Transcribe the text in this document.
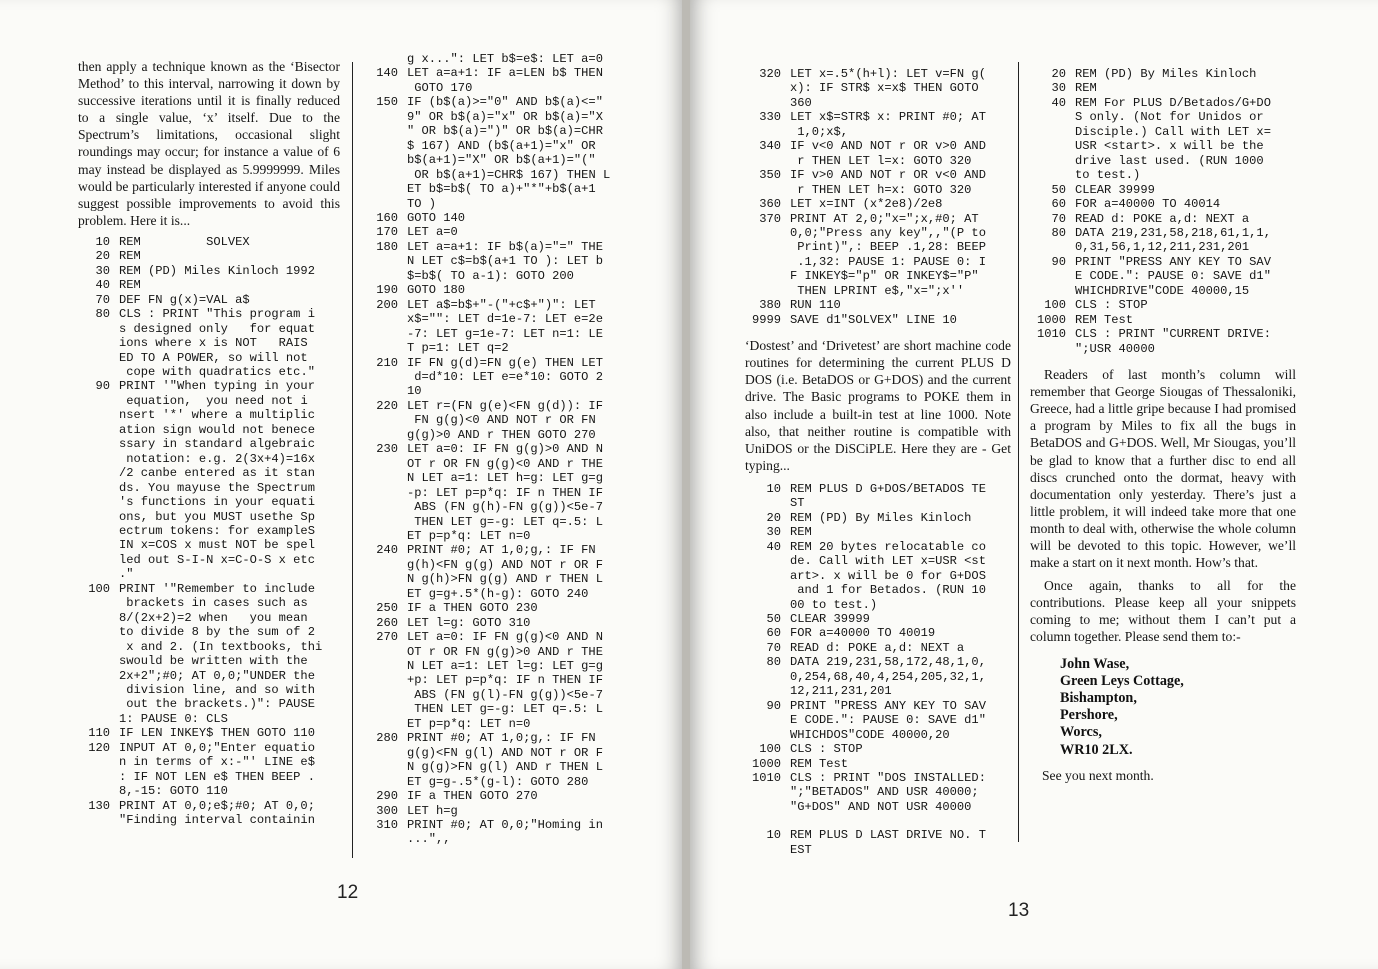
then apply a technique known as the ‘Bisector Method’ to this interval, narrowing it down by successive iterations until it is finally reduced to a single value, ‘x’ itself. Due to the Spectrum’s limitations, occasional slight roundings may occur; for instance a value of 6 may instead be displayed as 5.9999999. Miles would be particularly interested if anyone could suggest possible improvements to avoid this problem. Here it is...

10 REM         SOLVEX
20 REM
30 REM (PD) Miles Kinloch 1992
40 REM
70 DEF FN g(x)=VAL a$
80 CLS : PRINT "This program i
s designed only   for equat
ions where x is NOT   RAIS
ED TO A POWER, so will not
cope with quadratics etc."
90 PRINT '"When typing in your
equation,  you need not i
nsert '*' where a multiplic
ation sign would not benece
ssary in standard algebraic
notation: e.g. 2(3x+4)=16x
/2 canbe entered as it stan
ds. You mayuse the Spectrum
's functions in your equati
ons, but you MUST usethe Sp
ectrum tokens: for exampleS
IN x=COS x must NOT be spel
led out S-I-N x=C-O-S x etc
."
100 PRINT '"Remember to include
brackets in cases such as
8/(2x+2)=2 when   you mean
to divide 8 by the sum of 2
x and 2. (In textbooks, thi
swould be written with the
2x+2";#0; AT 0,0;"UNDER the
division line, and so with
out the brackets.)": PAUSE
1: PAUSE 0: CLS
110 IF LEN INKEY$ THEN GOTO 110
120 INPUT AT 0,0;"Enter equatio
n in terms of x:-"' LINE e$
: IF NOT LEN e$ THEN BEEP .
8,-15: GOTO 110
130 PRINT AT 0,0;e$;#0; AT 0,0;
"Finding interval containin
g x...": LET b$=e$: LET a=0
140 LET a=a+1: IF a=LEN b$ THEN
GOTO 170
150 IF (b$(a)>="0" AND b$(a)<="
9" OR b$(a)="x" OR b$(a)="X
" OR b$(a)=")" OR b$(a)=CHR
$ 167) AND (b$(a+1)="x" OR
b$(a+1)="X" OR b$(a+1)="("
OR b$(a+1)=CHR$ 167) THEN L
ET b$=b$( TO a)+"*"+b$(a+1
TO )
160 GOTO 140
170 LET a=0
180 LET a=a+1: IF b$(a)="=" THE
N LET c$=b$(a+1 TO ): LET b
$=b$( TO a-1): GOTO 200
190 GOTO 180
200 LET a$=b$+"-("+c$+")": LET
x$="": LET d=1e-7: LET e=2e
-7: LET g=1e-7: LET n=1: LE
T p=1: LET q=2
210 IF FN g(d)=FN g(e) THEN LET
d=d*10: LET e=e*10: GOTO 2
10
220 LET r=(FN g(e)<FN g(d)): IF
FN g(g)<0 AND NOT r OR FN
g(g)>0 AND r THEN GOTO 270
230 LET a=0: IF FN g(g)>0 AND N
OT r OR FN g(g)<0 AND r THE
N LET a=1: LET h=g: LET g=g
-p: LET p=p*q: IF n THEN IF
ABS (FN g(h)-FN g(g))<5e-7
THEN LET g=-g: LET q=.5: L
ET p=p*q: LET n=0
240 PRINT #0; AT 1,0;g,: IF FN
g(h)<FN g(g) AND NOT r OR F
N g(h)>FN g(g) AND r THEN L
ET g=g+.5*(h-g): GOTO 240
250 IF a THEN GOTO 230
260 LET l=g: GOTO 310
270 LET a=0: IF FN g(g)<0 AND N
OT r OR FN g(g)>0 AND r THE
N LET a=1: LET l=g: LET g=g
+p: LET p=p*q: IF n THEN IF
ABS (FN g(l)-FN g(g))<5e-7
THEN LET g=-g: LET q=.5: L
ET p=p*q: LET n=0
280 PRINT #0; AT 1,0;g,: IF FN
g(g)<FN g(l) AND NOT r OR F
N g(g)>FN g(l) AND r THEN L
ET g=g-.5*(g-l): GOTO 280
290 IF a THEN GOTO 270
300 LET h=g
310 PRINT #0; AT 0,0;"Homing in
...",,
12
320 LET x=.5*(h+l): LET v=FN g(
x): IF STR$ x=x$ THEN GOTO
360
330 LET x$=STR$ x: PRINT #0; AT
1,0;x$,
340 IF v<0 AND NOT r OR v>0 AND
r THEN LET l=x: GOTO 320
350 IF v>0 AND NOT r OR v<0 AND
r THEN LET h=x: GOTO 320
360 LET x=INT (x*2e8)/2e8
370 PRINT AT 2,0;"x=";x,#0; AT
0,0;"Press any key",,"(P to
Print)",: BEEP .1,28: BEEP
.1,32: PAUSE 1: PAUSE 0: I
F INKEY$="p" OR INKEY$="P"
THEN LPRINT e$,"x=";x''
380 RUN 110
9999 SAVE d1"SOLVEX" LINE 10

‘Dostest’ and ‘Drivetest’ are short machine code routines for determining the current PLUS D DOS (i.e. BetaDOS or G+DOS) and the current drive. The Basic programs to POKE them in also include a built-in test at line 1000. Note also, that neither routine is compatible with UniDOS or the DiSCiPLE. Here they are - Get typing...

10 REM PLUS D G+DOS/BETADOS TE
ST
20 REM (PD) By Miles Kinloch
30 REM
40 REM 20 bytes relocatable co
de. Call with LET x=USR <st
art>. x will be 0 for G+DOS
and 1 for Betados. (RUN 10
00 to test.)
50 CLEAR 39999
60 FOR a=40000 TO 40019
70 READ d: POKE a,d: NEXT a
80 DATA 219,231,58,172,48,1,0,
0,254,68,40,4,254,205,32,1,
12,211,231,201
90 PRINT "PRESS ANY KEY TO SAV
E CODE.": PAUSE 0: SAVE d1"
WHICHDOS"CODE 40000,20
100 CLS : STOP
1000 REM Test
1010 CLS : PRINT "DOS INSTALLED:
";"BETADOS" AND USR 40000;
"G+DOS" AND NOT USR 40000
10 REM PLUS D LAST DRIVE NO. T
EST
20 REM (PD) By Miles Kinloch
30 REM
40 REM For PLUS D/Betados/G+DO
S only. (Not for Unidos or
Disciple.) Call with LET x=
USR <start>. x will be the
drive last used. (RUN 1000
to test.)
50 CLEAR 39999
60 FOR a=40000 TO 40014
70 READ d: POKE a,d: NEXT a
80 DATA 219,231,58,218,61,1,1,
0,31,56,1,12,211,231,201
90 PRINT "PRESS ANY KEY TO SAV
E CODE.": PAUSE 0: SAVE d1"
WHICHDRIVE"CODE 40000,15
100 CLS : STOP
1000 REM Test
1010 CLS : PRINT "CURRENT DRIVE:
";USR 40000

Readers of last month’s column will remember that George Siougas of Thessaloniki, Greece, had a little gripe because I had promised a program by Miles to fix all the bugs in BetaDOS and G+DOS. Well, Mr Siougas, you’ll be glad to know that a further disc to end all discs crunched onto the dormat, heavy with documentation only yesterday. There’s just a little problem, it will indeed take more that one month to deal with, otherwise the whole column will be devoted to this topic. However, we’ll make a start on it next month. How’s that.

Once again, thanks to all for the contributions. Please keep all your snippets coming to me; without them I can’t put a column together. Please send them to:-

John Wase,
Green Leys Cottage,
Bishampton,
Pershore,
Worcs,
WR10 2LX.
See you next month.
13
